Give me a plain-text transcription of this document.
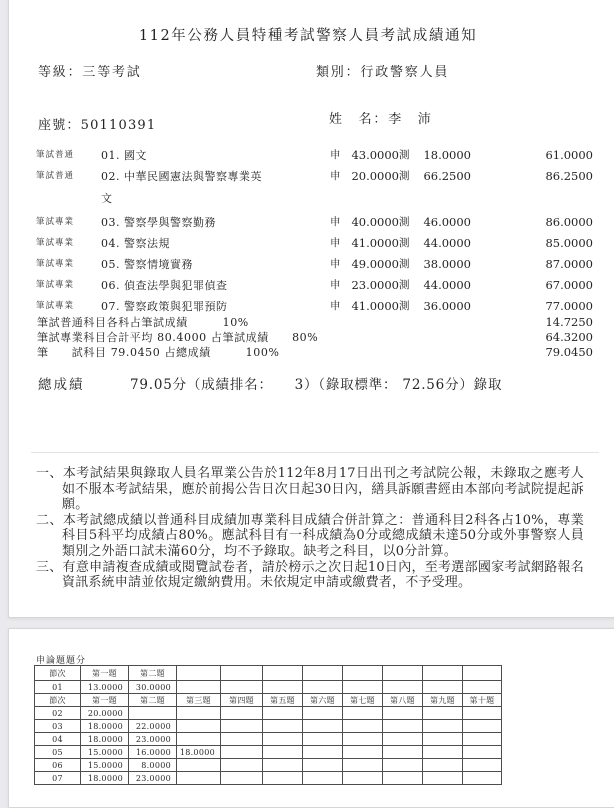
112年公務人員特種考試警察人員考試成績通知
等級：三等考試	類別：行政警察人員
座號：50110391	姓　名：李　沛
筆試普通 01. 國文	申 43.0000 測	18.0000	61.0000
筆試普通 02. 中華民國憲法與警察專業英文
申 20.0000 測	66.2500	86.2500
筆試專業 03. 警察學與警察勤務	申 40.0000 測	46.0000	86.0000
筆試專業 04. 警察法規	申 41.0000 測	44.0000	85.0000
筆試專業 05. 警察情境實務	申 49.0000 測	38.0000	87.0000
筆試專業 06. 偵查法學與犯罪偵查	申 23.0000 測	44.0000	67.0000
筆試專業 07. 警察政策與犯罪預防	申 41.0000 測	36.0000	77.0000
筆試普通科目各科占筆試成績　　　10%	14.7250
筆試專業科目合計平均 80.4000 占筆試成績　　80%	64.3200
筆　　試科目 79.0450 占總成績　　　100%	79.0450
總成績	79.05分（成績排名：　　3）（錄取標準： 72.56分）錄取
一、本考試結果與錄取人員名單業公告於112年8月17日出刊之考試院公報，未錄取之應考人如不服本考試結果，應於前揭公告日次日起30日內，繕具訴願書經由本部向考試院提起訴願。
二、本考試總成績以普通科目成績加專業科目成績合併計算之：普通科目2科各占10%，專業科目5科平均成績占80%。應試科目有一科成績為0分或總成績未達50分或外事警察人員類別之外語口試未滿60分，均不予錄取。缺考之科目，以0分計算。
三、有意申請複查成績或閱覽試卷者，請於榜示之次日起10日內，至考選部國家考試網路報名資訊系統申請並依規定繳納費用。未依規定申請或繳費者，不予受理。
申論題題分
節次	第一題	第二題								
01	13.0000	30.0000								
節次	第一題	第二題	第三題	第四題	第五題	第六題	第七題	第八題	第九題	第十題
02	20.0000									
03	18.0000	22.0000								
04	18.0000	23.0000								
05	15.0000	16.0000	18.0000							
06	15.0000	8.0000								
07	18.0000	23.0000								
